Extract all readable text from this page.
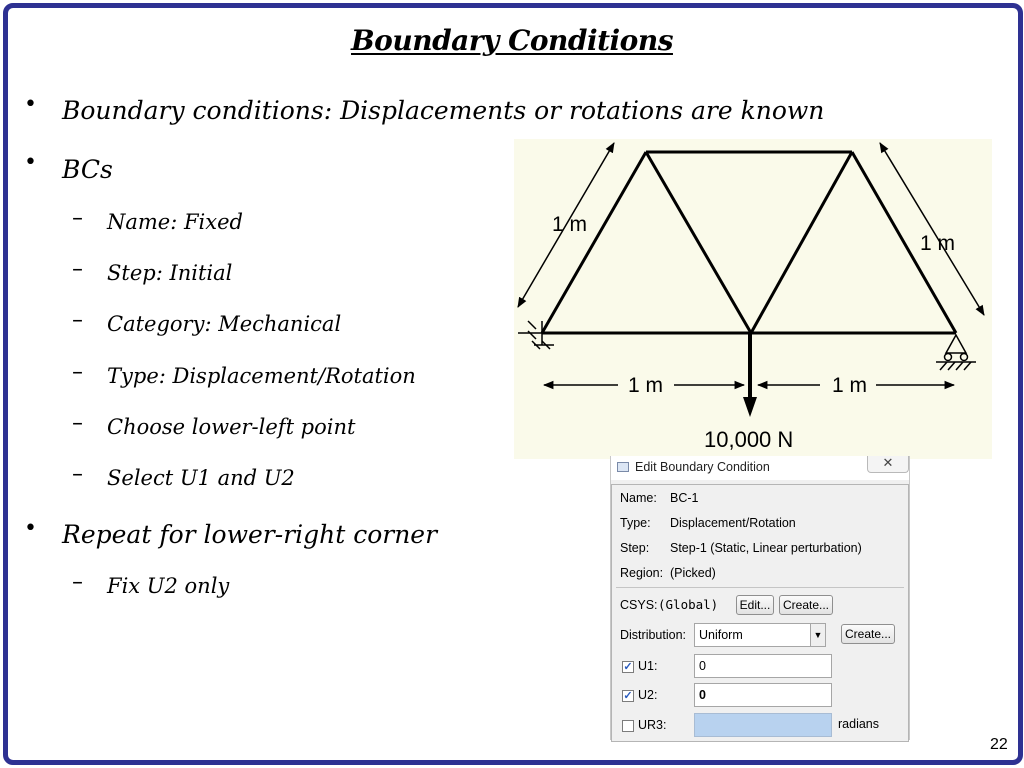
Boundary Conditions
• Boundary conditions: Displacements or rotations are known
• BCs
– Name: Fixed
– Step: Initial
– Category: Mechanical
– Type: Displacement/Rotation
– Choose lower-left point
– Select U1 and U2
• Repeat for lower-right corner
– Fix U2 only
1 m
1 m
1 m	1 m
10,000 N
Edit Boundary Condition	✕
Name: BC-1
Type: Displacement/Rotation
Step: Step-1 (Static, Linear perturbation)
Region: (Picked)
CSYS: (Global)	Edit...	Create...
Distribution:	Uniform	▼	Create...
✓ U1:	0
✓ U2:	0
UR3:	radians
22
